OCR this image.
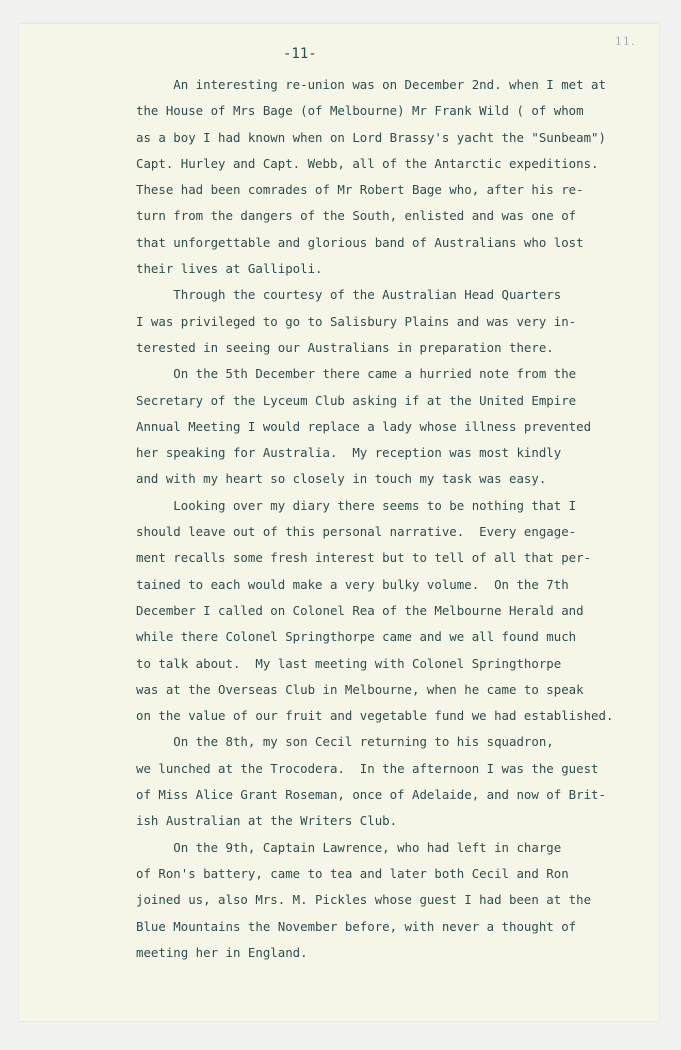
-11-
11.
An interesting re-union was on December 2nd. when I met at
the House of Mrs Bage (of Melbourne) Mr Frank Wild ( of whom
as a boy I had known when on Lord Brassy's yacht the "Sunbeam")
Capt. Hurley and Capt. Webb, all of the Antarctic expeditions.
These had been comrades of Mr Robert Bage who, after his re-
turn from the dangers of the South, enlisted and was one of
that unforgettable and glorious band of Australians who lost
their lives at Gallipoli.
Through the courtesy of the Australian Head Quarters
I was privileged to go to Salisbury Plains and was very in-
terested in seeing our Australians in preparation there.
On the 5th December there came a hurried note from the
Secretary of the Lyceum Club asking if at the United Empire
Annual Meeting I would replace a lady whose illness prevented
her speaking for Australia.  My reception was most kindly
and with my heart so closely in touch my task was easy.
Looking over my diary there seems to be nothing that I
should leave out of this personal narrative.  Every engage-
ment recalls some fresh interest but to tell of all that per-
tained to each would make a very bulky volume.  On the 7th
December I called on Colonel Rea of the Melbourne Herald and
while there Colonel Springthorpe came and we all found much
to talk about.  My last meeting with Colonel Springthorpe
was at the Overseas Club in Melbourne, when he came to speak
on the value of our fruit and vegetable fund we had established.
On the 8th, my son Cecil returning to his squadron,
we lunched at the Trocodera.  In the afternoon I was the guest
of Miss Alice Grant Roseman, once of Adelaide, and now of Brit-
ish Australian at the Writers Club.
On the 9th, Captain Lawrence, who had left in charge
of Ron's battery, came to tea and later both Cecil and Ron
joined us, also Mrs. M. Pickles whose guest I had been at the
Blue Mountains the November before, with never a thought of
meeting her in England.
